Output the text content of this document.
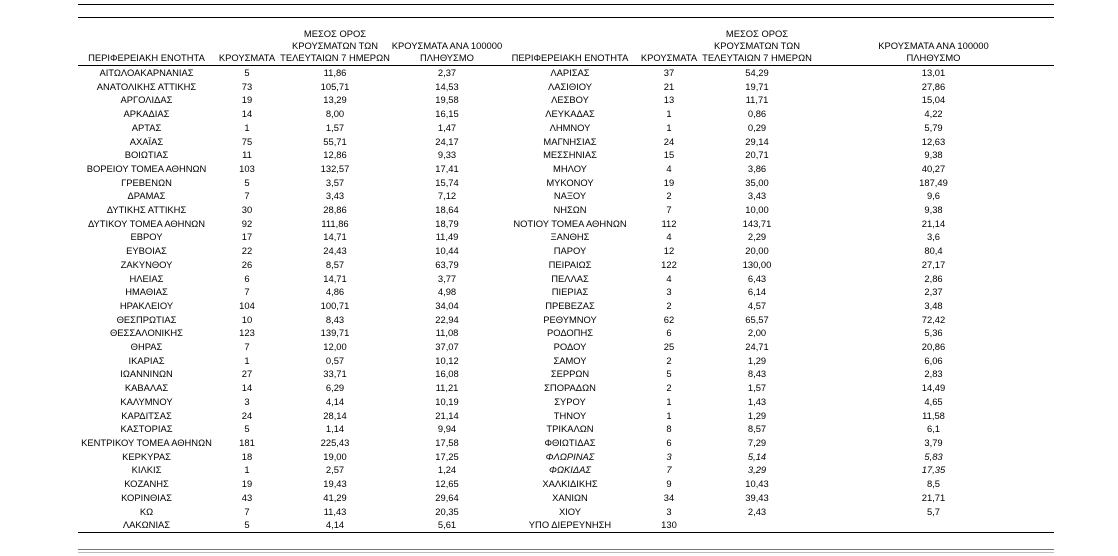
ΠΕΡΙΦΕΡΕΙΑΚΗ ΕΝΟΤΗΤΑ	ΚΡΟΥΣΜΑΤΑ	ΜΕΣΟΣ ΟΡΟΣ
ΚΡΟΥΣΜΑΤΩΝ ΤΩΝ
ΤΕΛΕΥΤΑΙΩΝ 7 ΗΜΕΡΩΝ	ΚΡΟΥΣΜΑΤΑ ΑΝΑ 100000
ΠΛΗΘΥΣΜΟ	ΠΕΡΙΦΕΡΕΙΑΚΗ ΕΝΟΤΗΤΑ	ΚΡΟΥΣΜΑΤΑ	ΜΕΣΟΣ ΟΡΟΣ
ΚΡΟΥΣΜΑΤΩΝ ΤΩΝ
ΤΕΛΕΥΤΑΙΩΝ 7 ΗΜΕΡΩΝ	ΚΡΟΥΣΜΑΤΑ ΑΝΑ 100000
ΠΛΗΘΥΣΜΟ
ΑΙΤΩΛΟΑΚΑΡΝΑΝΙΑΣ	5	11,86	2,37	ΛΑΡΙΣΑΣ	37	54,29	13,01
ΑΝΑΤΟΛΙΚΗΣ ΑΤΤΙΚΗΣ	73	105,71	14,53	ΛΑΣΙΘΙΟΥ	21	19,71	27,86
ΑΡΓΟΛΙΔΑΣ	19	13,29	19,58	ΛΕΣΒΟΥ	13	11,71	15,04
ΑΡΚΑΔΙΑΣ	14	8,00	16,15	ΛΕΥΚΑΔΑΣ	1	0,86	4,22
ΑΡΤΑΣ	1	1,57	1,47	ΛΗΜΝΟΥ	1	0,29	5,79
ΑΧΑΪΑΣ	75	55,71	24,17	ΜΑΓΝΗΣΙΑΣ	24	29,14	12,63
ΒΟΙΩΤΙΑΣ	11	12,86	9,33	ΜΕΣΣΗΝΙΑΣ	15	20,71	9,38
ΒΟΡΕΙΟΥ ΤΟΜΕΑ ΑΘΗΝΩΝ	103	132,57	17,41	ΜΗΛΟΥ	4	3,86	40,27
ΓΡΕΒΕΝΩΝ	5	3,57	15,74	ΜΥΚΟΝΟΥ	19	35,00	187,49
ΔΡΑΜΑΣ	7	3,43	7,12	ΝΑΞΟΥ	2	3,43	9,6
ΔΥΤΙΚΗΣ ΑΤΤΙΚΗΣ	30	28,86	18,64	ΝΗΣΩΝ	7	10,00	9,38
ΔΥΤΙΚΟΥ ΤΟΜΕΑ ΑΘΗΝΩΝ	92	111,86	18,79	ΝΟΤΙΟΥ ΤΟΜΕΑ ΑΘΗΝΩΝ	112	143,71	21,14
ΕΒΡΟΥ	17	14,71	11,49	ΞΑΝΘΗΣ	4	2,29	3,6
ΕΥΒΟΙΑΣ	22	24,43	10,44	ΠΑΡΟΥ	12	20,00	80,4
ΖΑΚΥΝΘΟΥ	26	8,57	63,79	ΠΕΙΡΑΙΩΣ	122	130,00	27,17
ΗΛΕΙΑΣ	6	14,71	3,77	ΠΕΛΛΑΣ	4	6,43	2,86
ΗΜΑΘΙΑΣ	7	4,86	4,98	ΠΙΕΡΙΑΣ	3	6,14	2,37
ΗΡΑΚΛΕΙΟΥ	104	100,71	34,04	ΠΡΕΒΕΖΑΣ	2	4,57	3,48
ΘΕΣΠΡΩΤΙΑΣ	10	8,43	22,94	ΡΕΘΥΜΝΟΥ	62	65,57	72,42
ΘΕΣΣΑΛΟΝΙΚΗΣ	123	139,71	11,08	ΡΟΔΟΠΗΣ	6	2,00	5,36
ΘΗΡΑΣ	7	12,00	37,07	ΡΟΔΟΥ	25	24,71	20,86
ΙΚΑΡΙΑΣ	1	0,57	10,12	ΣΑΜΟΥ	2	1,29	6,06
ΙΩΑΝΝΙΝΩΝ	27	33,71	16,08	ΣΕΡΡΩΝ	5	8,43	2,83
ΚΑΒΑΛΑΣ	14	6,29	11,21	ΣΠΟΡΑΔΩΝ	2	1,57	14,49
ΚΑΛΥΜΝΟΥ	3	4,14	10,19	ΣΥΡΟΥ	1	1,43	4,65
ΚΑΡΔΙΤΣΑΣ	24	28,14	21,14	ΤΗΝΟΥ	1	1,29	11,58
ΚΑΣΤΟΡΙΑΣ	5	1,14	9,94	ΤΡΙΚΑΛΩΝ	8	8,57	6,1
ΚΕΝΤΡΙΚΟΥ ΤΟΜΕΑ ΑΘΗΝΩΝ	181	225,43	17,58	ΦΘΙΩΤΙΔΑΣ	6	7,29	3,79
ΚΕΡΚΥΡΑΣ	18	19,00	17,25	ΦΛΩΡΙΝΑΣ	3	5,14	5,83
ΚΙΛΚΙΣ	1	2,57	1,24	ΦΩΚΙΔΑΣ	7	3,29	17,35
ΚΟΖΑΝΗΣ	19	19,43	12,65	ΧΑΛΚΙΔΙΚΗΣ	9	10,43	8,5
ΚΟΡΙΝΘΙΑΣ	43	41,29	29,64	ΧΑΝΙΩΝ	34	39,43	21,71
ΚΩ	7	11,43	20,35	ΧΙΟΥ	3	2,43	5,7
ΛΑΚΩΝΙΑΣ	5	4,14	5,61	ΥΠΟ ΔΙΕΡΕΥΝΗΣΗ	130		
